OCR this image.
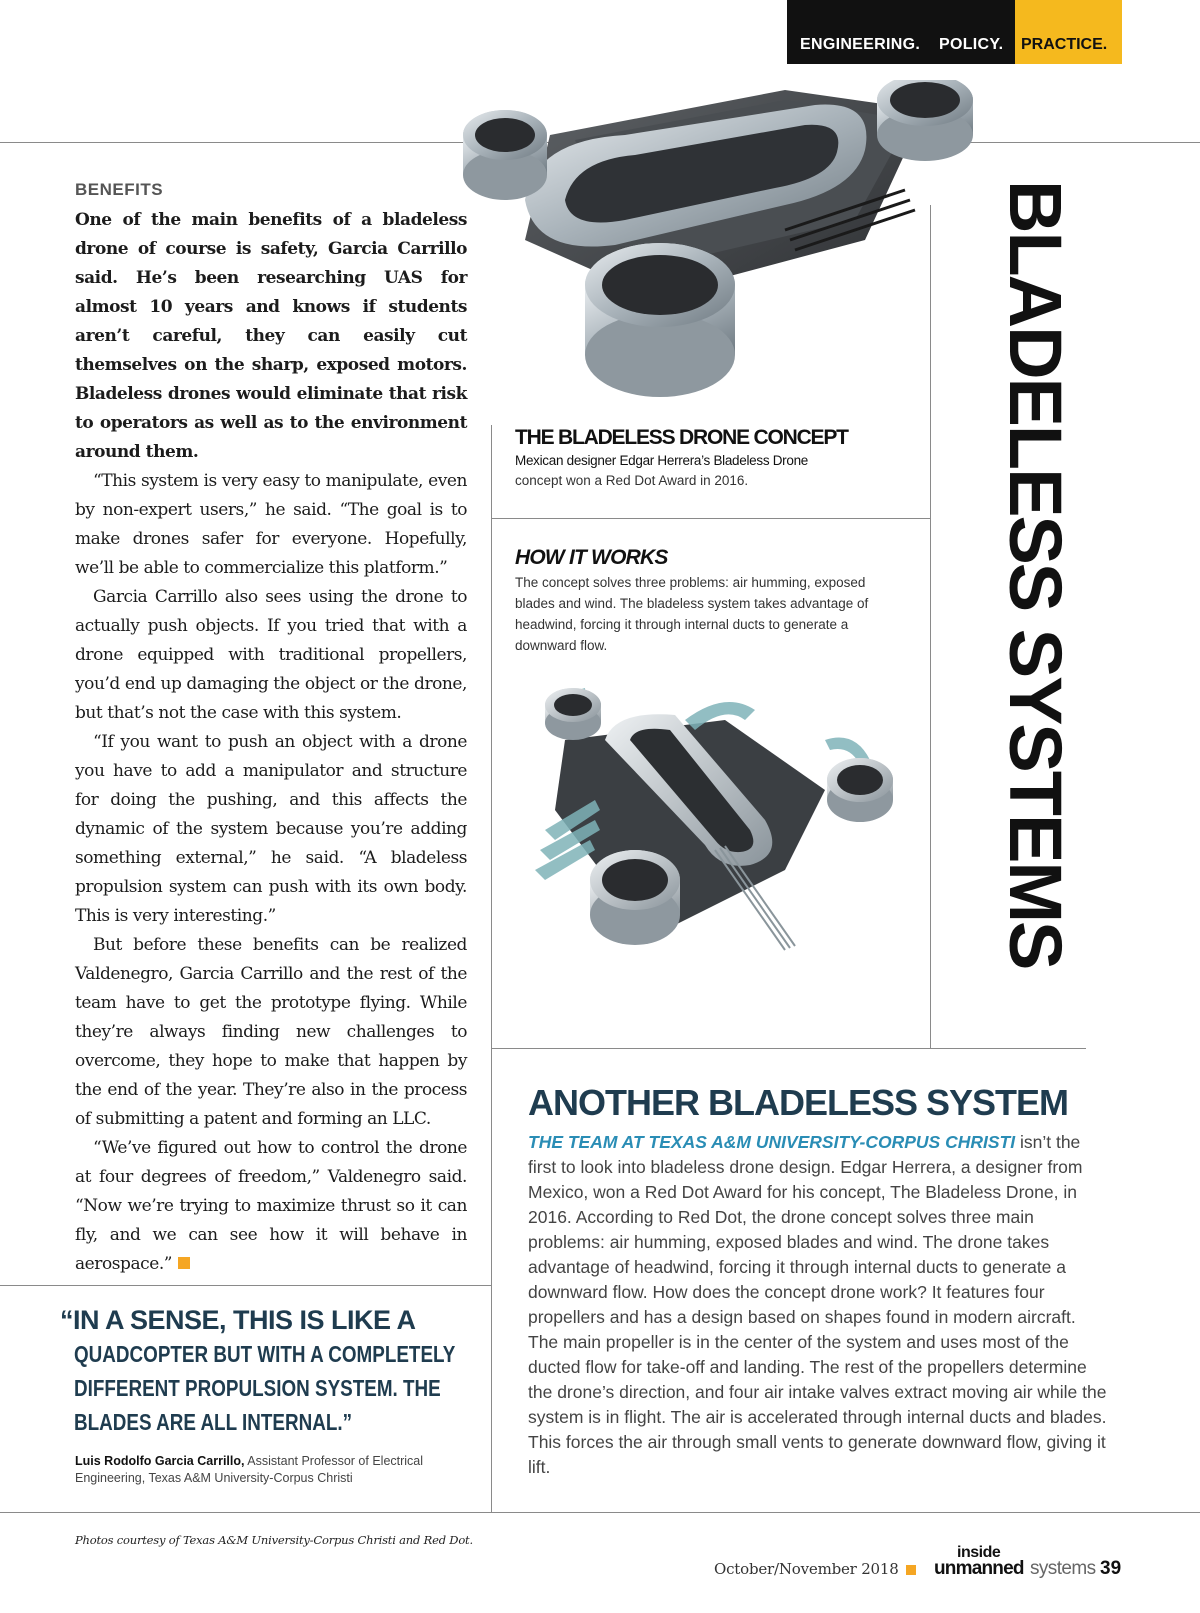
ENGINEERING. POLICY. PRACTICE.
BENEFITS

One of the main benefits of a bladeless drone of course is safety, Garcia Carrillo said. He’s been researching UAS for almost 10 years and knows if students aren’t careful, they can easily cut themselves on the sharp, exposed motors. Bladeless drones would eliminate that risk to operators as well as to the environment around them.

“This system is very easy to manipulate, even by non-expert users,” he said. “The goal is to make drones safer for everyone. Hopefully, we’ll be able to commercialize this platform.”

Garcia Carrillo also sees using the drone to actually push objects. If you tried that with a drone equipped with traditional propellers, you’d end up damaging the object or the drone, but that’s not the case with this system.

“If you want to push an object with a drone you have to add a manipulator and structure for doing the pushing, and this affects the dynamic of the system because you’re adding something external,” he said. “A bladeless propulsion system can push with its own body. This is very interesting.”

But before these benefits can be realized Valdenegro, Garcia Carrillo and the rest of the team have to get the prototype flying. While they’re always finding new challenges to overcome, they hope to make that happen by the end of the year. They’re also in the process of submitting a patent and forming an LLC.

“We’ve figured out how to control the drone at four degrees of freedom,” Valdenegro said. “Now we’re trying to maximize thrust so it can fly, and we can see how it will behave in aerospace.”

“IN A SENSE, THIS IS LIKE A

QUADCOPTER BUT WITH A COMPLETELY DIFFERENT PROPULSION SYSTEM. THE BLADES ARE ALL INTERNAL.”

Luis Rodolfo Garcia Carrillo, Assistant Professor of Electrical Engineering, Texas A&M University-Corpus Christi

Photos courtesy of Texas A&M University-Corpus Christi and Red Dot.
October/November 2018
inside
unmanned systems 39
BLADELESS SYSTEMS
THE BLADELESS DRONE CONCEPT
Mexican designer Edgar Herrera’s Bladeless Drone
concept won a Red Dot Award in 2016.
HOW IT WORKS

The concept solves three problems: air humming, exposed blades and wind. The bladeless system takes advantage of headwind, forcing it through internal ducts to generate a downward flow.

ANOTHER BLADELESS SYSTEM

THE TEAM AT TEXAS A&M UNIVERSITY-CORPUS CHRISTI isn’t the first to look into bladeless drone design. Edgar Herrera, a designer from Mexico, won a Red Dot Award for his concept, The Bladeless Drone, in 2016. According to Red Dot, the drone concept solves three main problems: air humming, exposed blades and wind. The drone takes advantage of headwind, forcing it through internal ducts to generate a downward flow. How does the concept drone work? It features four propellers and has a design based on shapes found in modern aircraft. The main propeller is in the center of the system and uses most of the ducted flow for take-off and landing. The rest of the propellers determine the drone’s direction, and four air intake valves extract moving air while the system is in flight. The air is accelerated through internal ducts and blades. This forces the air through small vents to generate downward flow, giving it lift.
